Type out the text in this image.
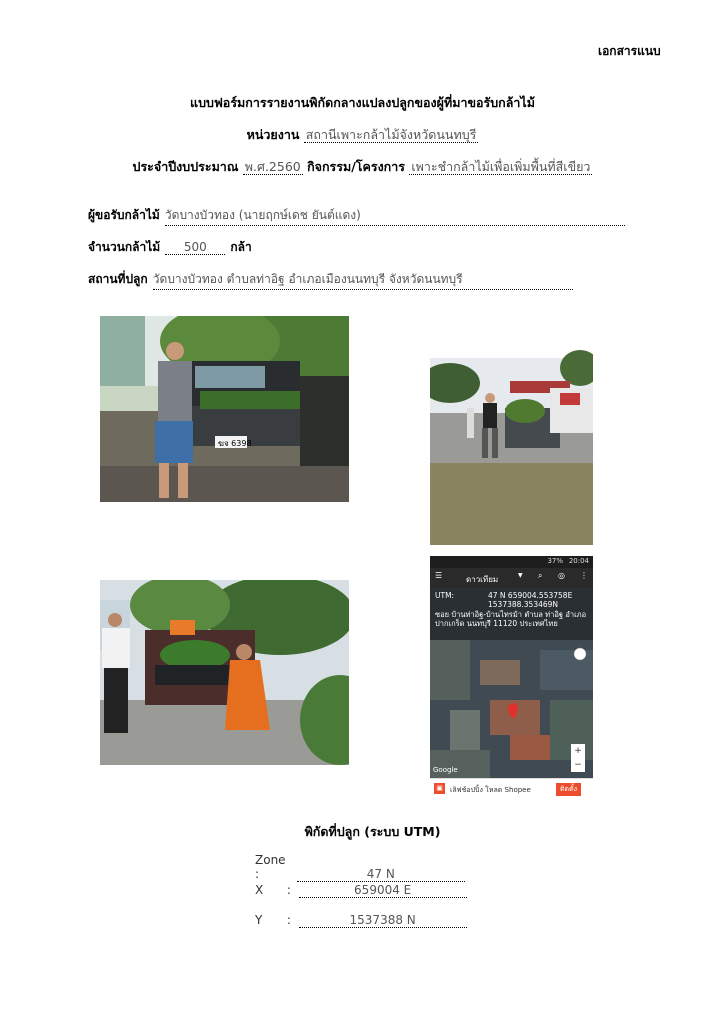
เอกสารแนบ
แบบฟอร์มการรายงานพิกัดกลางแปลงปลูกของผู้ที่มาขอรับกล้าไม้
หน่วยงาน สถานีเพาะกล้าไม้จังหวัดนนทบุรี
ประจำปีงบประมาณ พ.ศ.2560 กิจกรรม/โครงการ เพาะชำกล้าไม้เพื่อเพิ่มพื้นที่สีเขียว
ผู้ขอรับกล้าไม้ วัดบางบัวทอง (นายฤกษ์เดช ยันต์แดง)
จำนวนกล้าไม้ 500 กล้า
สถานที่ปลูก วัดบางบัวทอง ตำบลท่าอิฐ อำเภอเมืองนนทบุรี จังหวัดนนทบุรี
ฆจ 6398
20:04
37%
☰	ดาวเทียม	▼ ⌕ ◎ ⋮
UTM:	47 N 659004.553758E
1537388.353469N
ซอย บ้านท่าอิฐ-บ้านไทรม้า ตำบล ท่าอิฐ อำเภอ ปากเกร็ด นนทบุรี 11120 ประเทศไทย
Google
+
−
▣	เลิฟช้อปปิ้ง โหลด Shopee	ติดตั้ง
พิกัดที่ปลูก (ระบบ UTM)
Zone :	47 N
X :	659004 E
Y :	1537388 N
